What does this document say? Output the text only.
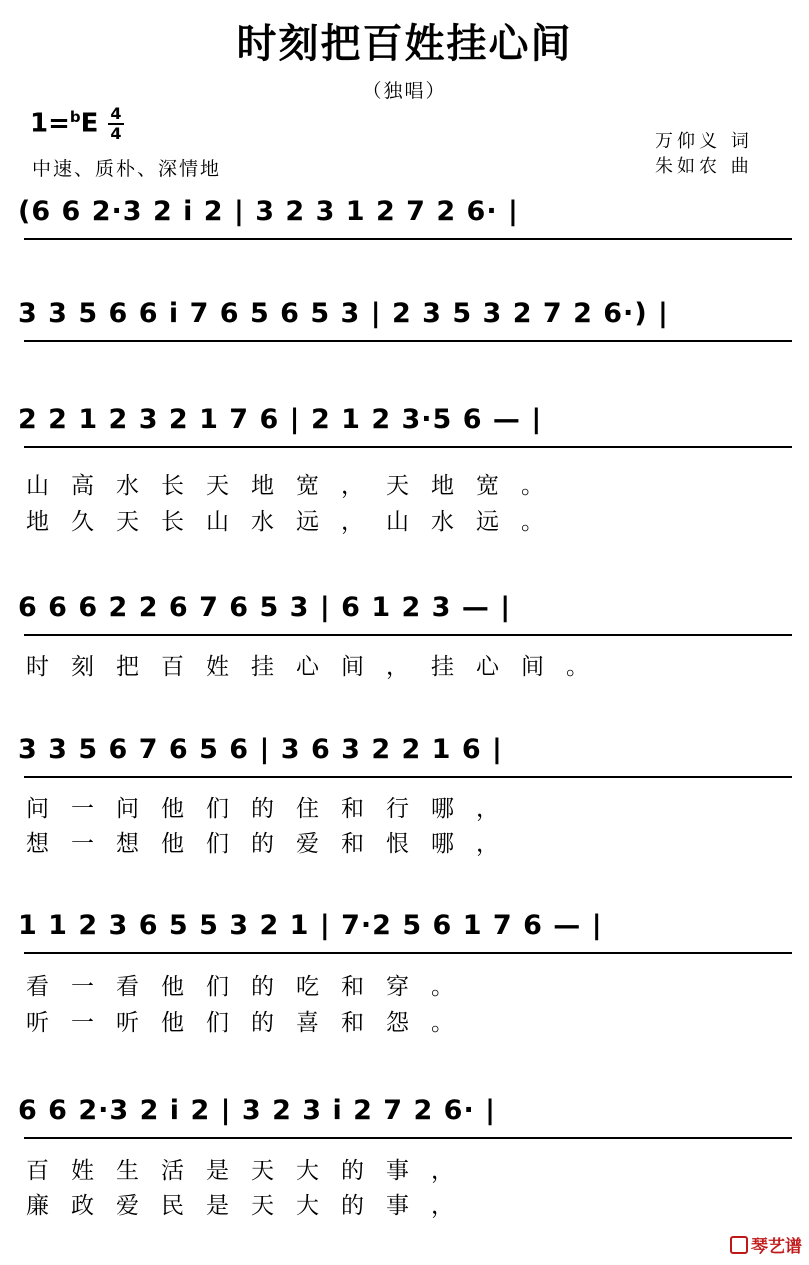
时刻把百姓挂心间
（独唱）
1=$^b$E 4
4
中速、质朴、深情地
万仰义 词
朱如农 曲
(6 6 2·3 2 i 2 | 3 2 3 1 2 7 2 6· |
3 3 5 6 6 i 7 6 5 6 5 3 | 2 3 5 3 2 7 2 6·) |
2 2 1 2 3 2 1 7 6 | 2 1 2 3·5 6 — |
山高水长天地宽，天地宽。
地久天长山水远，山水远。
6 6 6 2 2 6 7 6 5 3 | 6 1 2 3 — |
时刻把百姓挂心间，挂心间。
3 3 5 6 7 6 5 6 | 3 6 3 2 2 1 6 |
问一问他们的住和行哪，
想一想他们的爱和恨哪，
1 1 2 3 6 5 5 3 2 1 | 7·2 5 6 1 7 6 — |
看一看他们的吃和穿。
听一听他们的喜和怨。
6 6 2·3 2 i 2 | 3 2 3 i 2 7 2 6· |
百姓生活是天大的事，
廉政爱民是天大的事，
琴艺谱
